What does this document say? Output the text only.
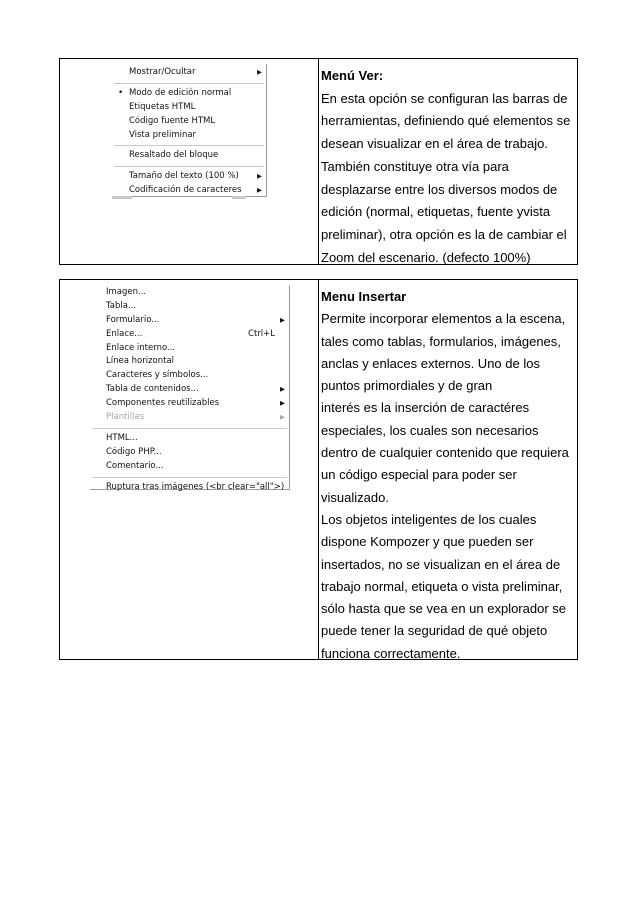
Menú Ver:
En esta opción se configuran las barras de
herramientas, definiendo qué elementos se
desean visualizar en el área de trabajo.
También constituye otra vía para
desplazarse entre los diversos modos de
edición (normal, etiquetas, fuente yvista
preliminar), otra opción es la de cambiar el
Zoom del escenario. (defecto 100%)
Mostrar/Ocultar	▶
• Modo de edición normal
Etiquetas HTML
Código fuente HTML
Vista preliminar
Resaltado del bloque
Tamaño del texto (100 %)	▶
Codificación de caracteres ▶
Menu Insertar
Permite incorporar elementos a la escena,
tales como tablas, formularios, imágenes,
anclas y enlaces externos. Uno de los
puntos primordiales y de gran
interés es la inserción de caractéres
especiales, los cuales son necesarios
dentro de cualquier contenido que requiera
un código especial para poder ser
visualizado.
Los objetos inteligentes de los cuales
dispone Kompozer y que pueden ser
insertados, no se visualizan en el área de
trabajo normal, etiqueta o vista preliminar,
sólo hasta que se vea en un explorador se
puede tener la seguridad de qué objeto
funciona correctamente.
Imagen...
Tabla...
Formulario...	▶
Enlace...	Ctrl+L
Enlace interno...
Línea horizontal
Caracteres y símbolos...
Tabla de contenidos...	▶
Componentes reutilizables	▶
Plantillas	▶
HTML...
Código PHP...
Comentario...
Ruptura tras imágenes (<br clear="all">)
